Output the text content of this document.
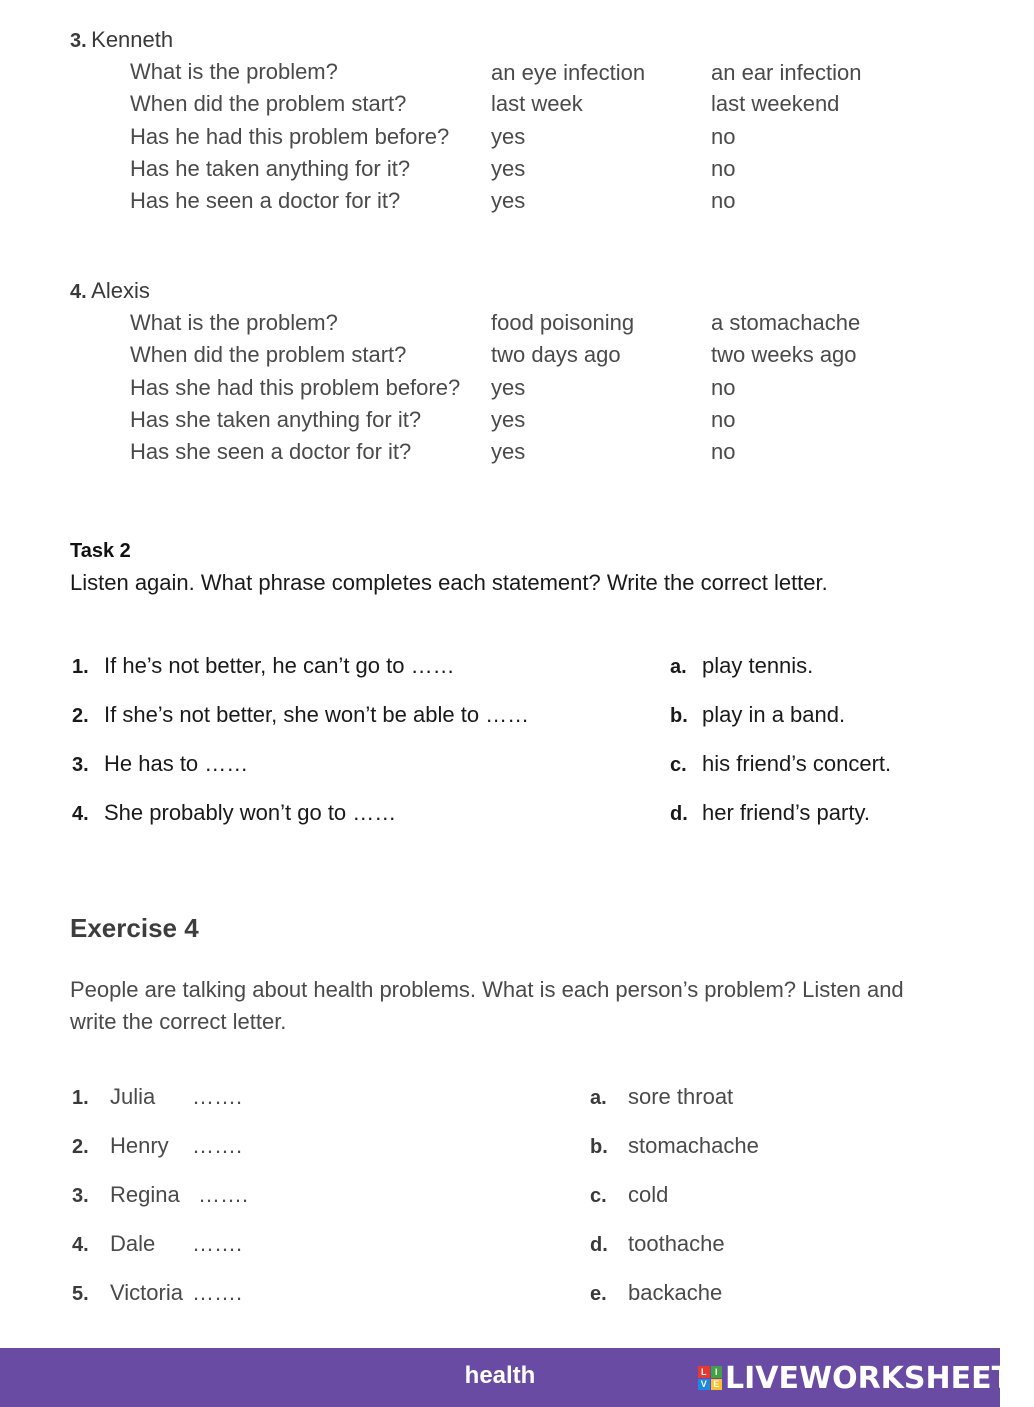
3. Kenneth
What is the problem?	an eye infection	an ear infection
When did the problem start?	last week	last weekend
Has he had this problem before? yes	no
Has he taken anything for it?	yes	no
Has he seen a doctor for it?	yes	no
4. Alexis
What is the problem?	food poisoning	a stomachache
When did the problem start?	two days ago	two weeks ago
Has she had this problem before? yes	no
Has she taken anything for it?	yes	no
Has she seen a doctor for it?	yes	no
Task 2
Listen again. What phrase completes each statement? Write the correct letter.
1. If he’s not better, he can’t go to ……
2. If she’s not better, she won’t be able to ……
3. He has to ……
4. She probably won’t go to ……
a. play tennis.
b. play in a band.
c. his friend’s concert.
d. her friend’s party.
Exercise 4
People are talking about health problems. What is each person’s problem? Listen and write the correct letter.
1. Julia …….
2. Henry …….
3. Regina …….
4. Dale …….
5. Victoria …….
a. sore throat
b. stomachache
c. cold
d. toothache
e. backache
health	L I
V E LIVEWORKSHEETS
